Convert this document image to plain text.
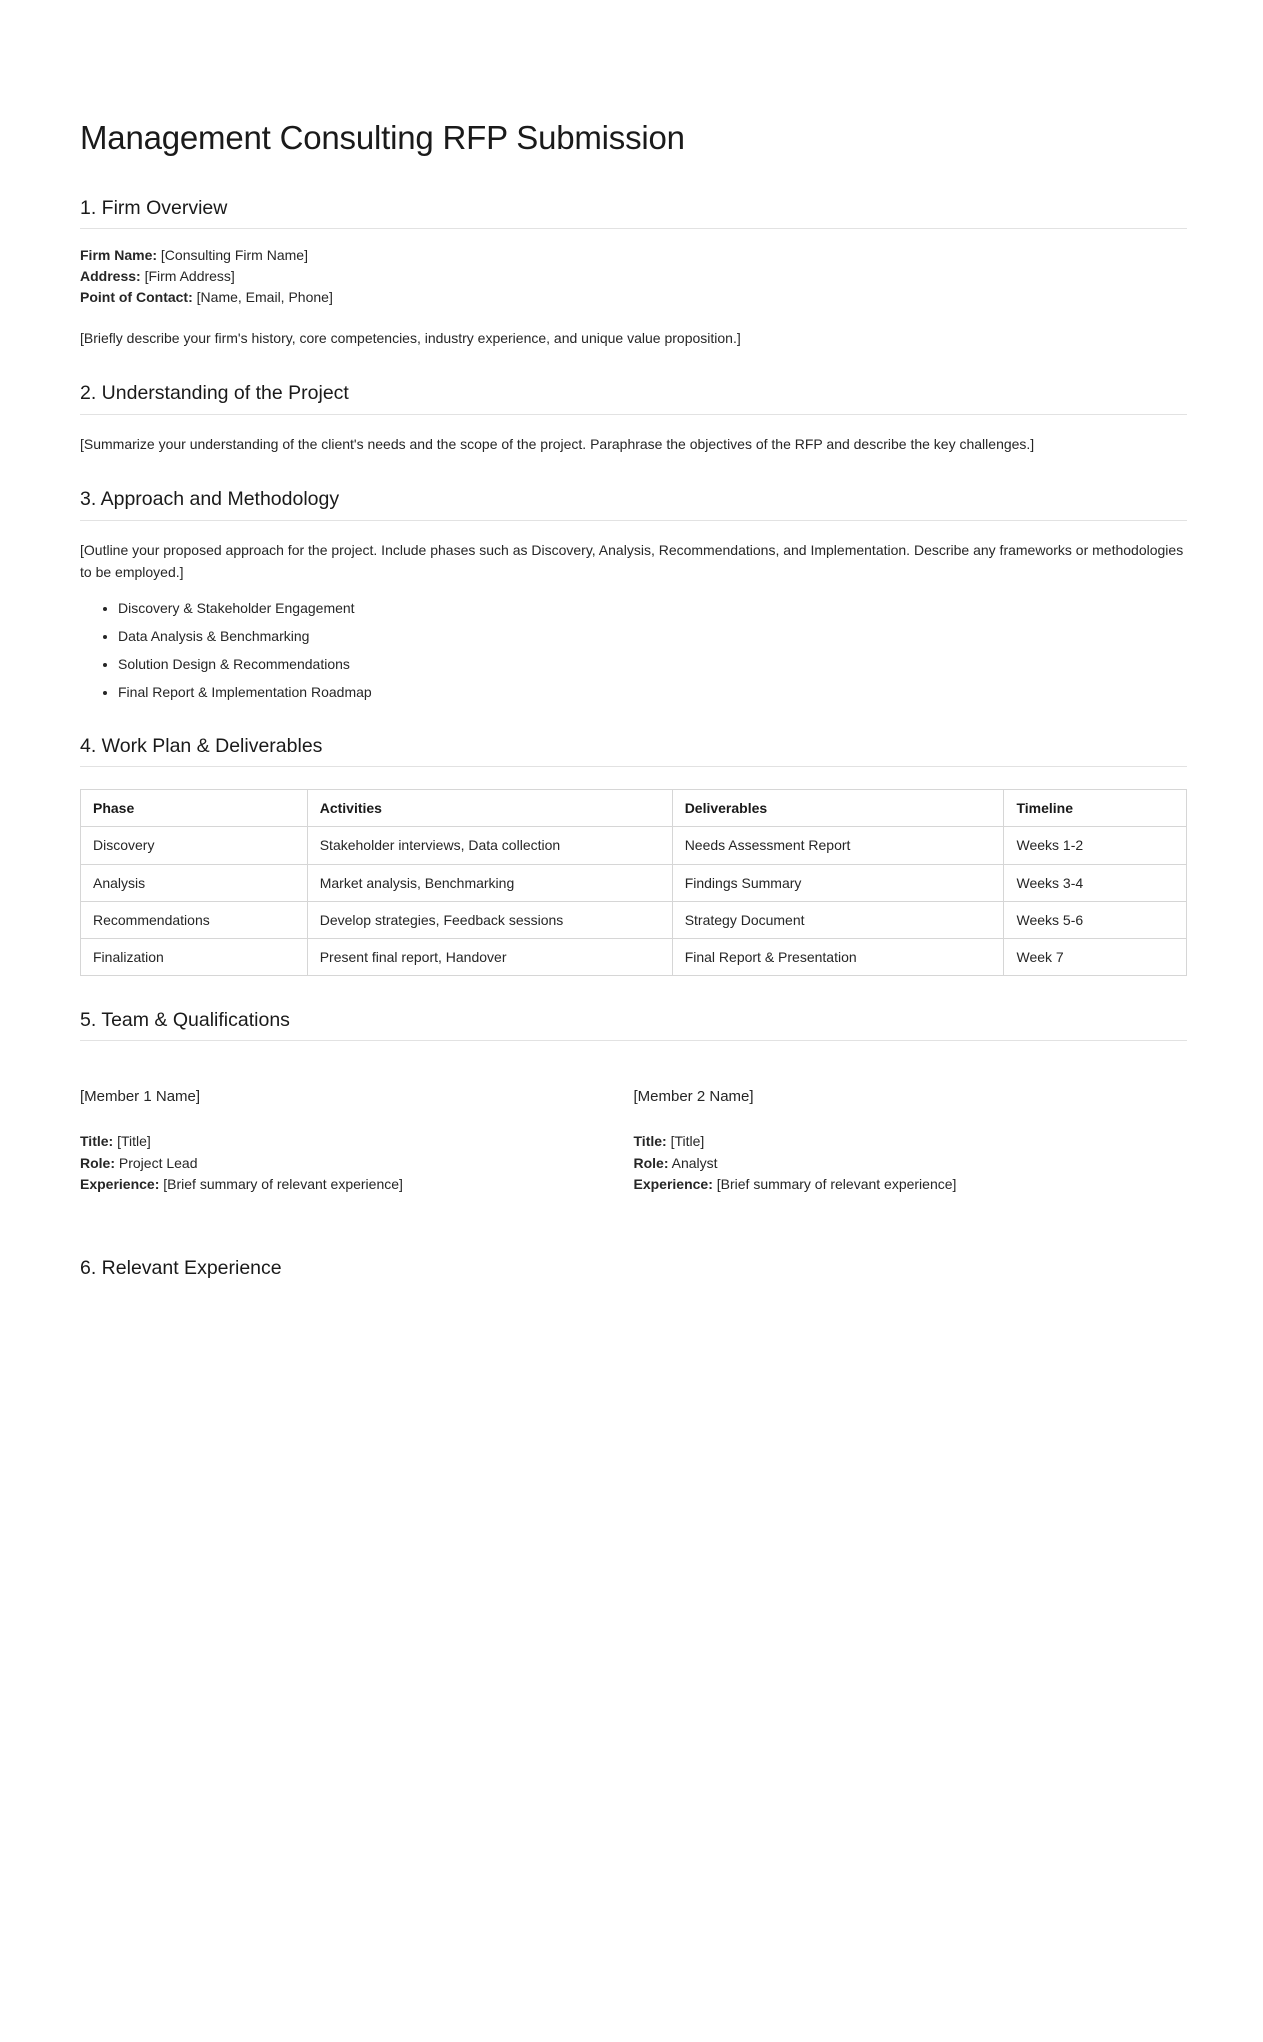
Management Consulting RFP Submission
1. Firm Overview

Firm Name: [Consulting Firm Name]

Address: [Firm Address]

Point of Contact: [Name, Email, Phone]

[Briefly describe your firm's history, core competencies, industry experience, and unique value proposition.]

2. Understanding of the Project

[Summarize your understanding of the client's needs and the scope of the project. Paraphrase the objectives of the RFP and describe the key challenges.]

3. Approach and Methodology

[Outline your proposed approach for the project. Include phases such as Discovery, Analysis, Recommendations, and Implementation. Describe any frameworks or methodologies to be employed.]

• Discovery & Stakeholder Engagement
• Data Analysis & Benchmarking
• Solution Design & Recommendations
• Final Report & Implementation Roadmap
4. Work Plan & Deliverables
Phase	Activities	Deliverables	Timeline
Discovery	Stakeholder interviews, Data collection	Needs Assessment Report	Weeks 1-2
Analysis	Market analysis, Benchmarking	Findings Summary	Weeks 3-4
Recommendations	Develop strategies, Feedback sessions	Strategy Document	Weeks 5-6
Finalization	Present final report, Handover	Final Report & Presentation	Week 7
5. Team & Qualifications

[Member 1 Name]

Title: [Title]

Role: Project Lead

Experience: [Brief summary of relevant experience]

[Member 2 Name]

Title: [Title]

Role: Analyst

Experience: [Brief summary of relevant experience]

6. Relevant Experience
